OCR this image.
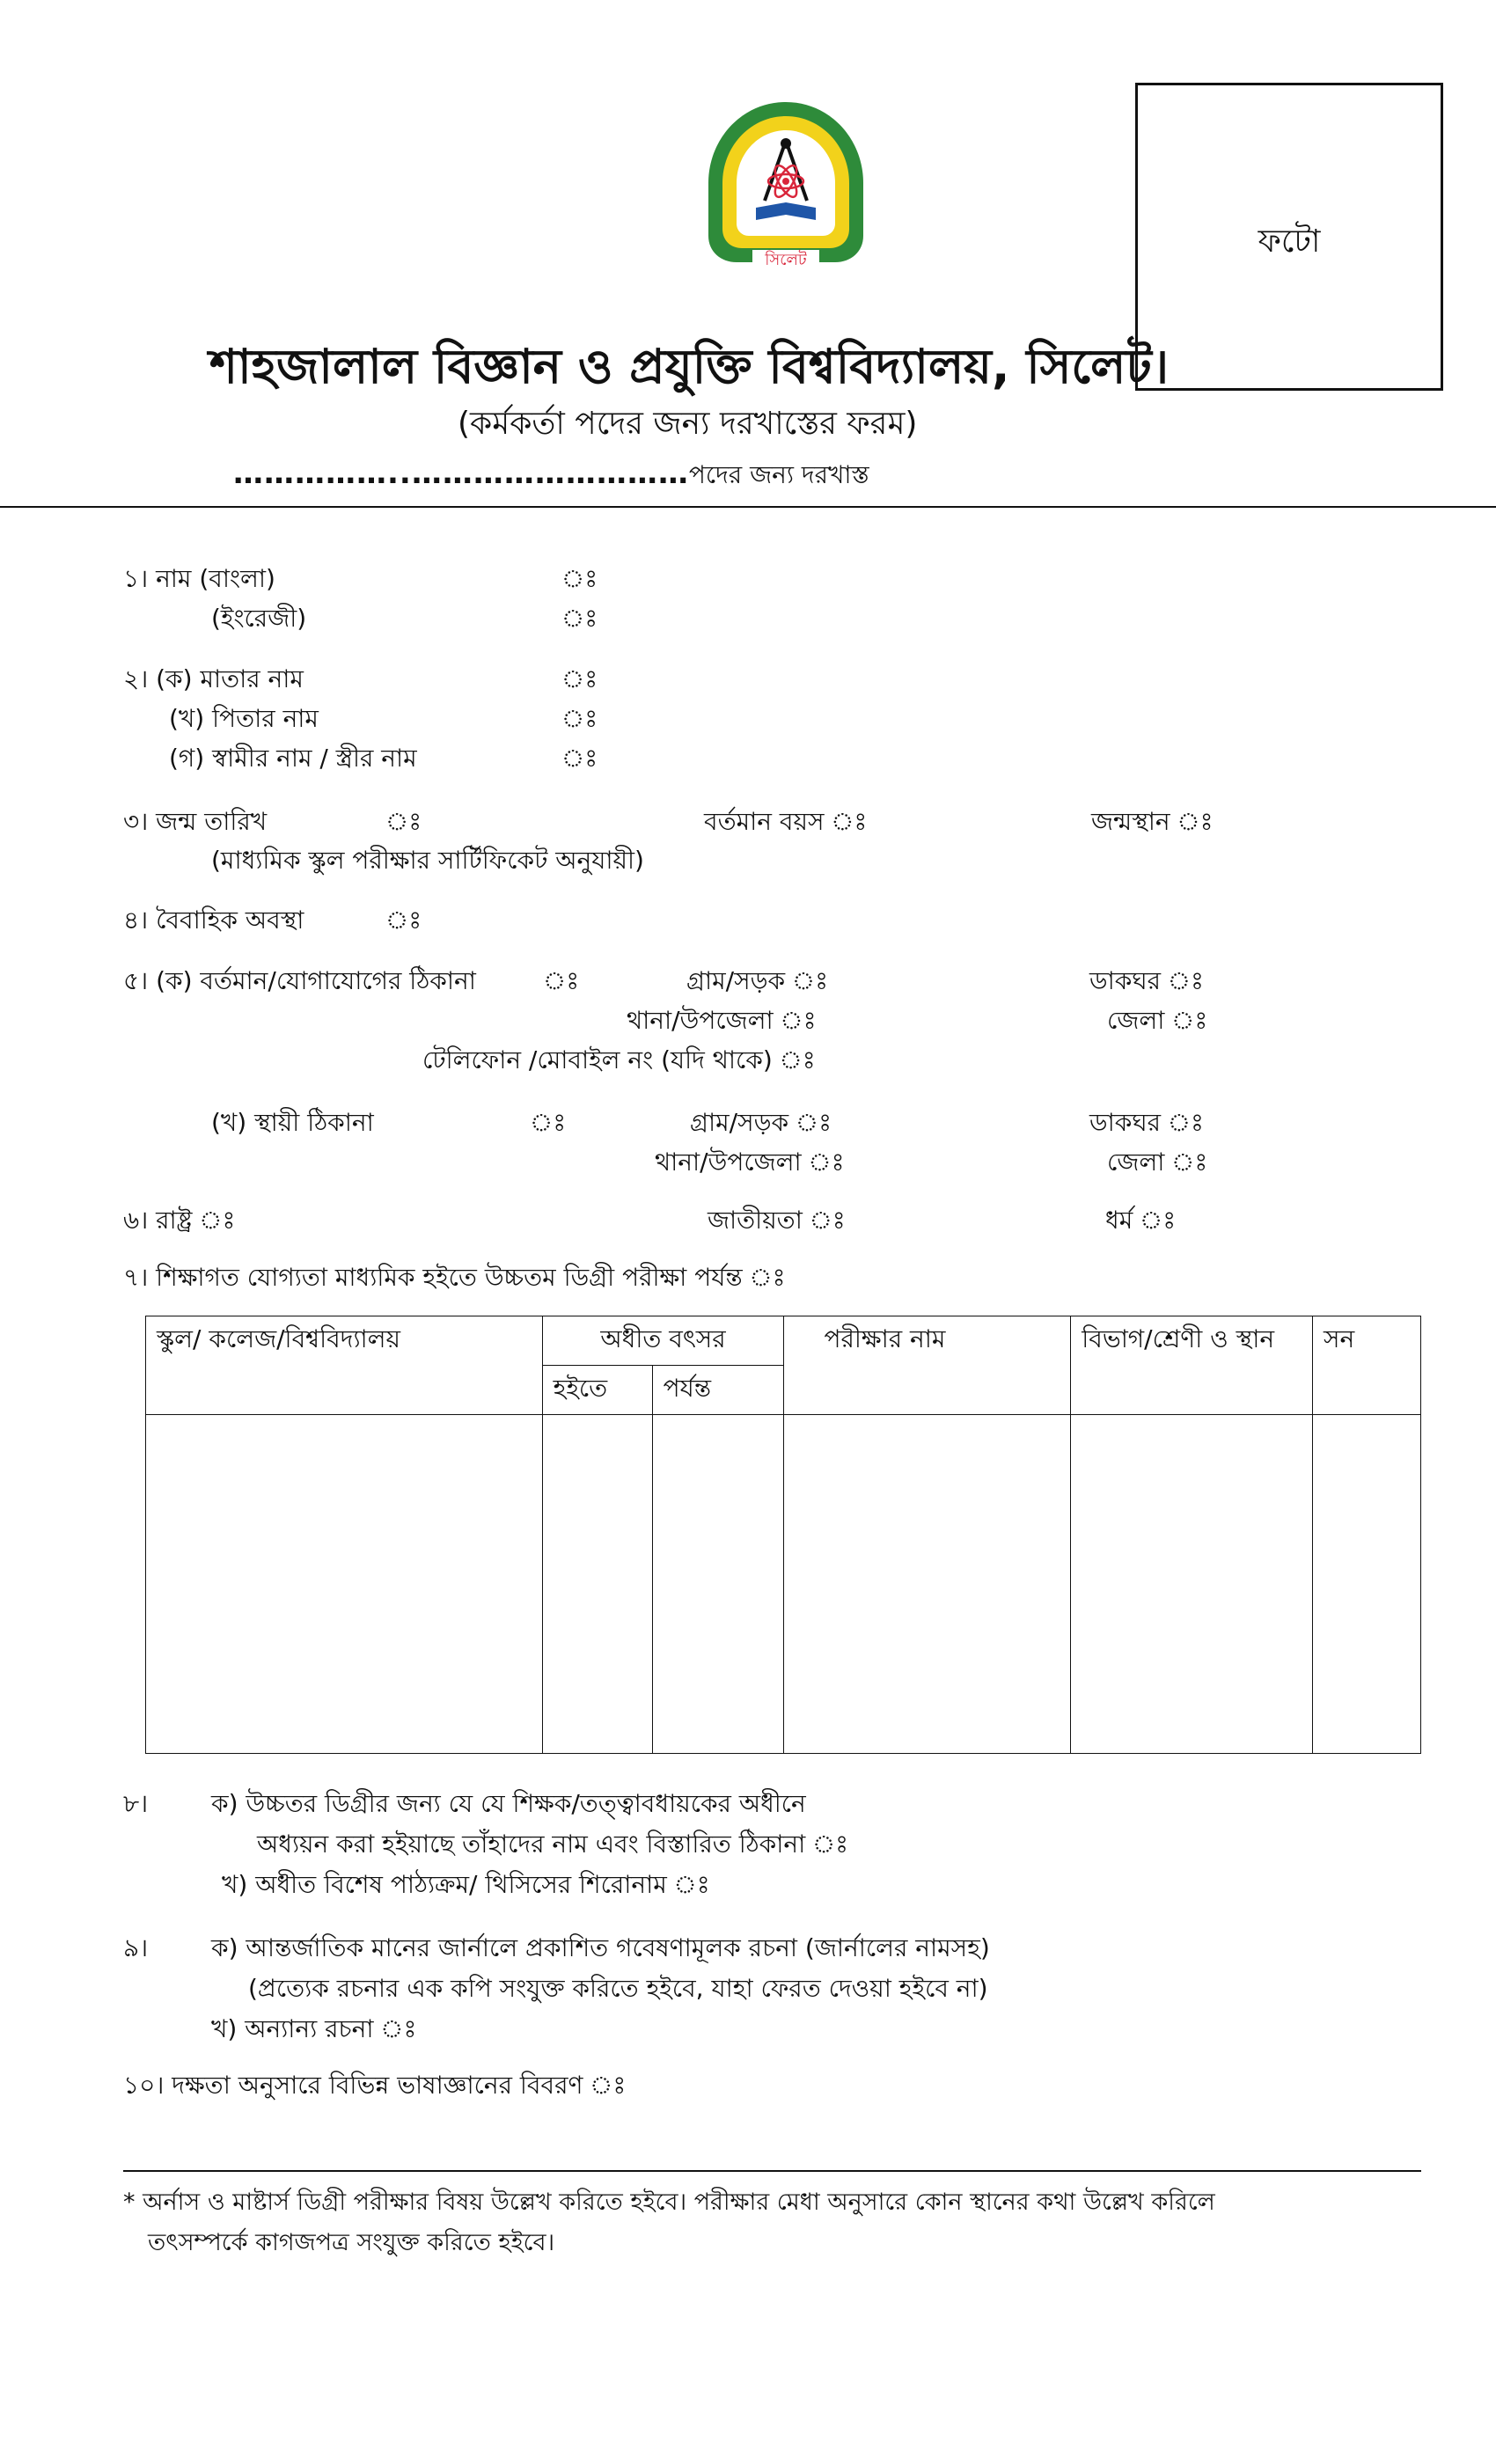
সিলেট
ফটো
শাহজালাল বিজ্ঞান ও প্রযুক্তি বিশ্ববিদ্যালয়, সিলেট।
(কর্মকর্তা পদের জন্য দরখাস্তের ফরম)
……………..………………………পদের জন্য দরখাস্ত
১। নাম (বাংলা)	ঃ
(ইংরেজী)	ঃ
২। (ক) মাতার নাম	ঃ
(খ) পিতার নাম	ঃ
(গ) স্বামীর নাম / স্ত্রীর নাম	ঃ
৩। জন্ম তারিখ	ঃ	বর্তমান বয়স ঃ	জন্মস্থান ঃ
(মাধ্যমিক স্কুল পরীক্ষার সার্টিফিকেট অনুযায়ী)
৪। বৈবাহিক অবস্থা	ঃ
৫। (ক) বর্তমান/যোগাযোগের ঠিকানা	ঃ	গ্রাম/সড়ক ঃ	ডাকঘর ঃ
থানা/উপজেলা ঃ	জেলা ঃ
টেলিফোন /মোবাইল নং (যদি থাকে) ঃ
(খ) স্থায়ী ঠিকানা	ঃ	গ্রাম/সড়ক ঃ	ডাকঘর ঃ
থানা/উপজেলা ঃ	জেলা ঃ
৬। রাষ্ট্র ঃ	জাতীয়তা ঃ	ধর্ম ঃ
৭। শিক্ষাগত যোগ্যতা মাধ্যমিক হইতে উচ্চতম ডিগ্রী পরীক্ষা পর্যন্ত ঃ
স্কুল/ কলেজ/বিশ্ববিদ্যালয়	অধীত বৎসর		পরীক্ষার নাম	বিভাগ/শ্রেণী ও স্থান	সন
	হইতে	পর্যন্ত			

৮।	ক) উচ্চতর ডিগ্রীর জন্য যে যে শিক্ষক/তত্ত্বাবধায়কের অধীনে
অধ্যয়ন করা হইয়াছে তাঁহাদের নাম এবং বিস্তারিত ঠিকানা ঃ
খ) অধীত বিশেষ পাঠ্যক্রম/ থিসিসের শিরোনাম ঃ
৯।	ক) আন্তর্জাতিক মানের জার্নালে প্রকাশিত গবেষণামূলক রচনা (জার্নালের নামসহ)
(প্রত্যেক রচনার এক কপি সংযুক্ত করিতে হইবে, যাহা ফেরত দেওয়া হইবে না)
খ) অন্যান্য রচনা ঃ
১০। দক্ষতা অনুসারে বিভিন্ন ভাষাজ্ঞানের বিবরণ ঃ
* অর্নাস ও মাষ্টার্স ডিগ্রী পরীক্ষার বিষয় উল্লেখ করিতে হইবে। পরীক্ষার মেধা অনুসারে কোন স্থানের কথা উল্লেখ করিলে
তৎসম্পর্কে কাগজপত্র সংযুক্ত করিতে হইবে।
